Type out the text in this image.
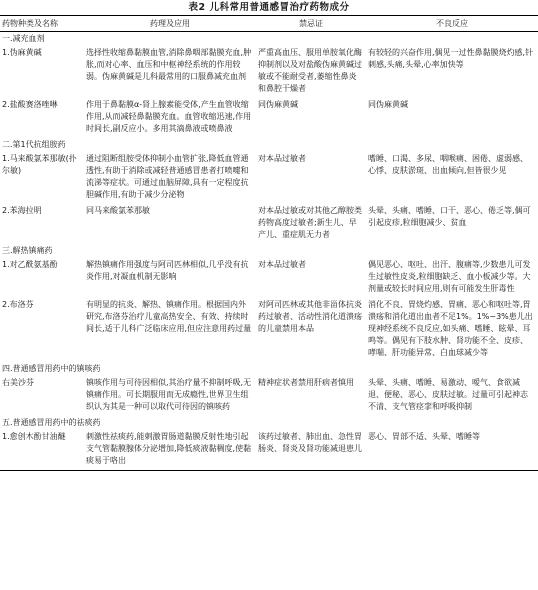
表2 儿科常用普通感冒治疗药物成分
药物种类及名称	药理及应用	禁忌证	不良反应
一.减充血剂			
1.伪麻黄碱	选择性收缩鼻黏膜血管,消除鼻咽部黏膜充血,肿胀,而对心率、血压和中枢神经系统的作用较弱。伪麻黄碱是儿科最常用的口服鼻减充血剂	严重高血压、服用单胺氧化酶抑制剂以及对盐酸伪麻黄碱过敏或不能耐受者,萎缩性鼻炎和鼻腔干燥者	有较轻的兴奋作用,偶见一过性鼻黏膜烧灼感,针刺感,头痛,头晕,心率加快等
2.盐酸赛洛唑啉	作用于鼻黏膜α-肾上腺素能受体,产生血管收缩作用,从而减轻鼻黏膜充血。血管收缩迅速,作用时间长,副反应小。多用其滴鼻液或喷鼻液	同伪麻黄碱	同伪麻黄碱
二.第1代抗组胺药			
1.马来酸氯苯那敏(扑尔敏)	通过阻断组胺受体抑制小血管扩张,降低血管通透性,有助于消除或减轻普通感冒患者打喷嚏和流涕等症状。可通过血脑屏障,具有一定程度抗胆碱作用,有助于减少分泌物	对本品过敏者	嗜睡、口渴、多尿、咽喉痛、困倦、虚弱感、心悸、皮肤淤斑、出血倾向,但皆很少见
2.苯海拉明	同马来酸氯苯那敏	对本品过敏或对其他乙醇胺类药物高度过敏者;新生儿、早产儿、重症肌无力者	头晕、头痛、嗜睡、口干、恶心、倦乏等,偶可引起皮疹,粒细胞减少、贫血
三.解热镇痛药			
1.对乙酰氨基酚	解热镇痛作用强度与阿司匹林相似,几乎没有抗炎作用,对凝血机制无影响	对本品过敏者	偶见恶心、呕吐、出汗、腹痛等,少数患儿可发生过敏性皮炎,粒细胞缺乏、血小板减少等。大剂量或较长时间应用,则有可能发生肝毒性
2.布洛芬	有明显的抗炎、解热、镇痛作用。根据国内外研究,布洛芬治疗儿童高热安全、有效、持续时间长,适于儿科广泛临床应用,但应注意用药过量	对阿司匹林或其他非甾体抗炎药过敏者、活动性消化道溃疡的儿童禁用本品	消化不良、胃烧灼感、胃痛、恶心和呕吐等,胃溃疡和消化道出血者不足1%。1%~3%患儿出现神经系统不良反应,如头痛、嗜睡、眩晕、耳鸣等。偶见有下肢水肿、肾功能不全、皮疹、哮喘、肝功能异常、白血球减少等
四.普通感冒用药中的镇咳药			
右美沙芬	镇咳作用与可待因相似,其治疗量不抑制呼吸,无镇痛作用。可长期服用而无成瘾性,世界卫生组织认为其是一种可以取代可待因的镇咳药	精神症状者禁用肝病者慎用	头晕、头痛、嗜睡、易激动、嗳气、食欲减退、便秘、恶心、皮肤过敏。过量可引起神志不清、支气管痉挛和呼吸抑制
五.普通感冒用药中的祛痰药			
1.愈创木酚甘油醚	刺激性祛痰药,能刺激胃肠道黏膜反射性地引起支气管黏膜腺体分泌增加,降低痰液黏稠度,使黏痰易于咯出	该药过敏者、肺出血、急性胃肠炎、肾炎及肾功能减退患儿	恶心、胃部不适、头晕、嗜睡等
